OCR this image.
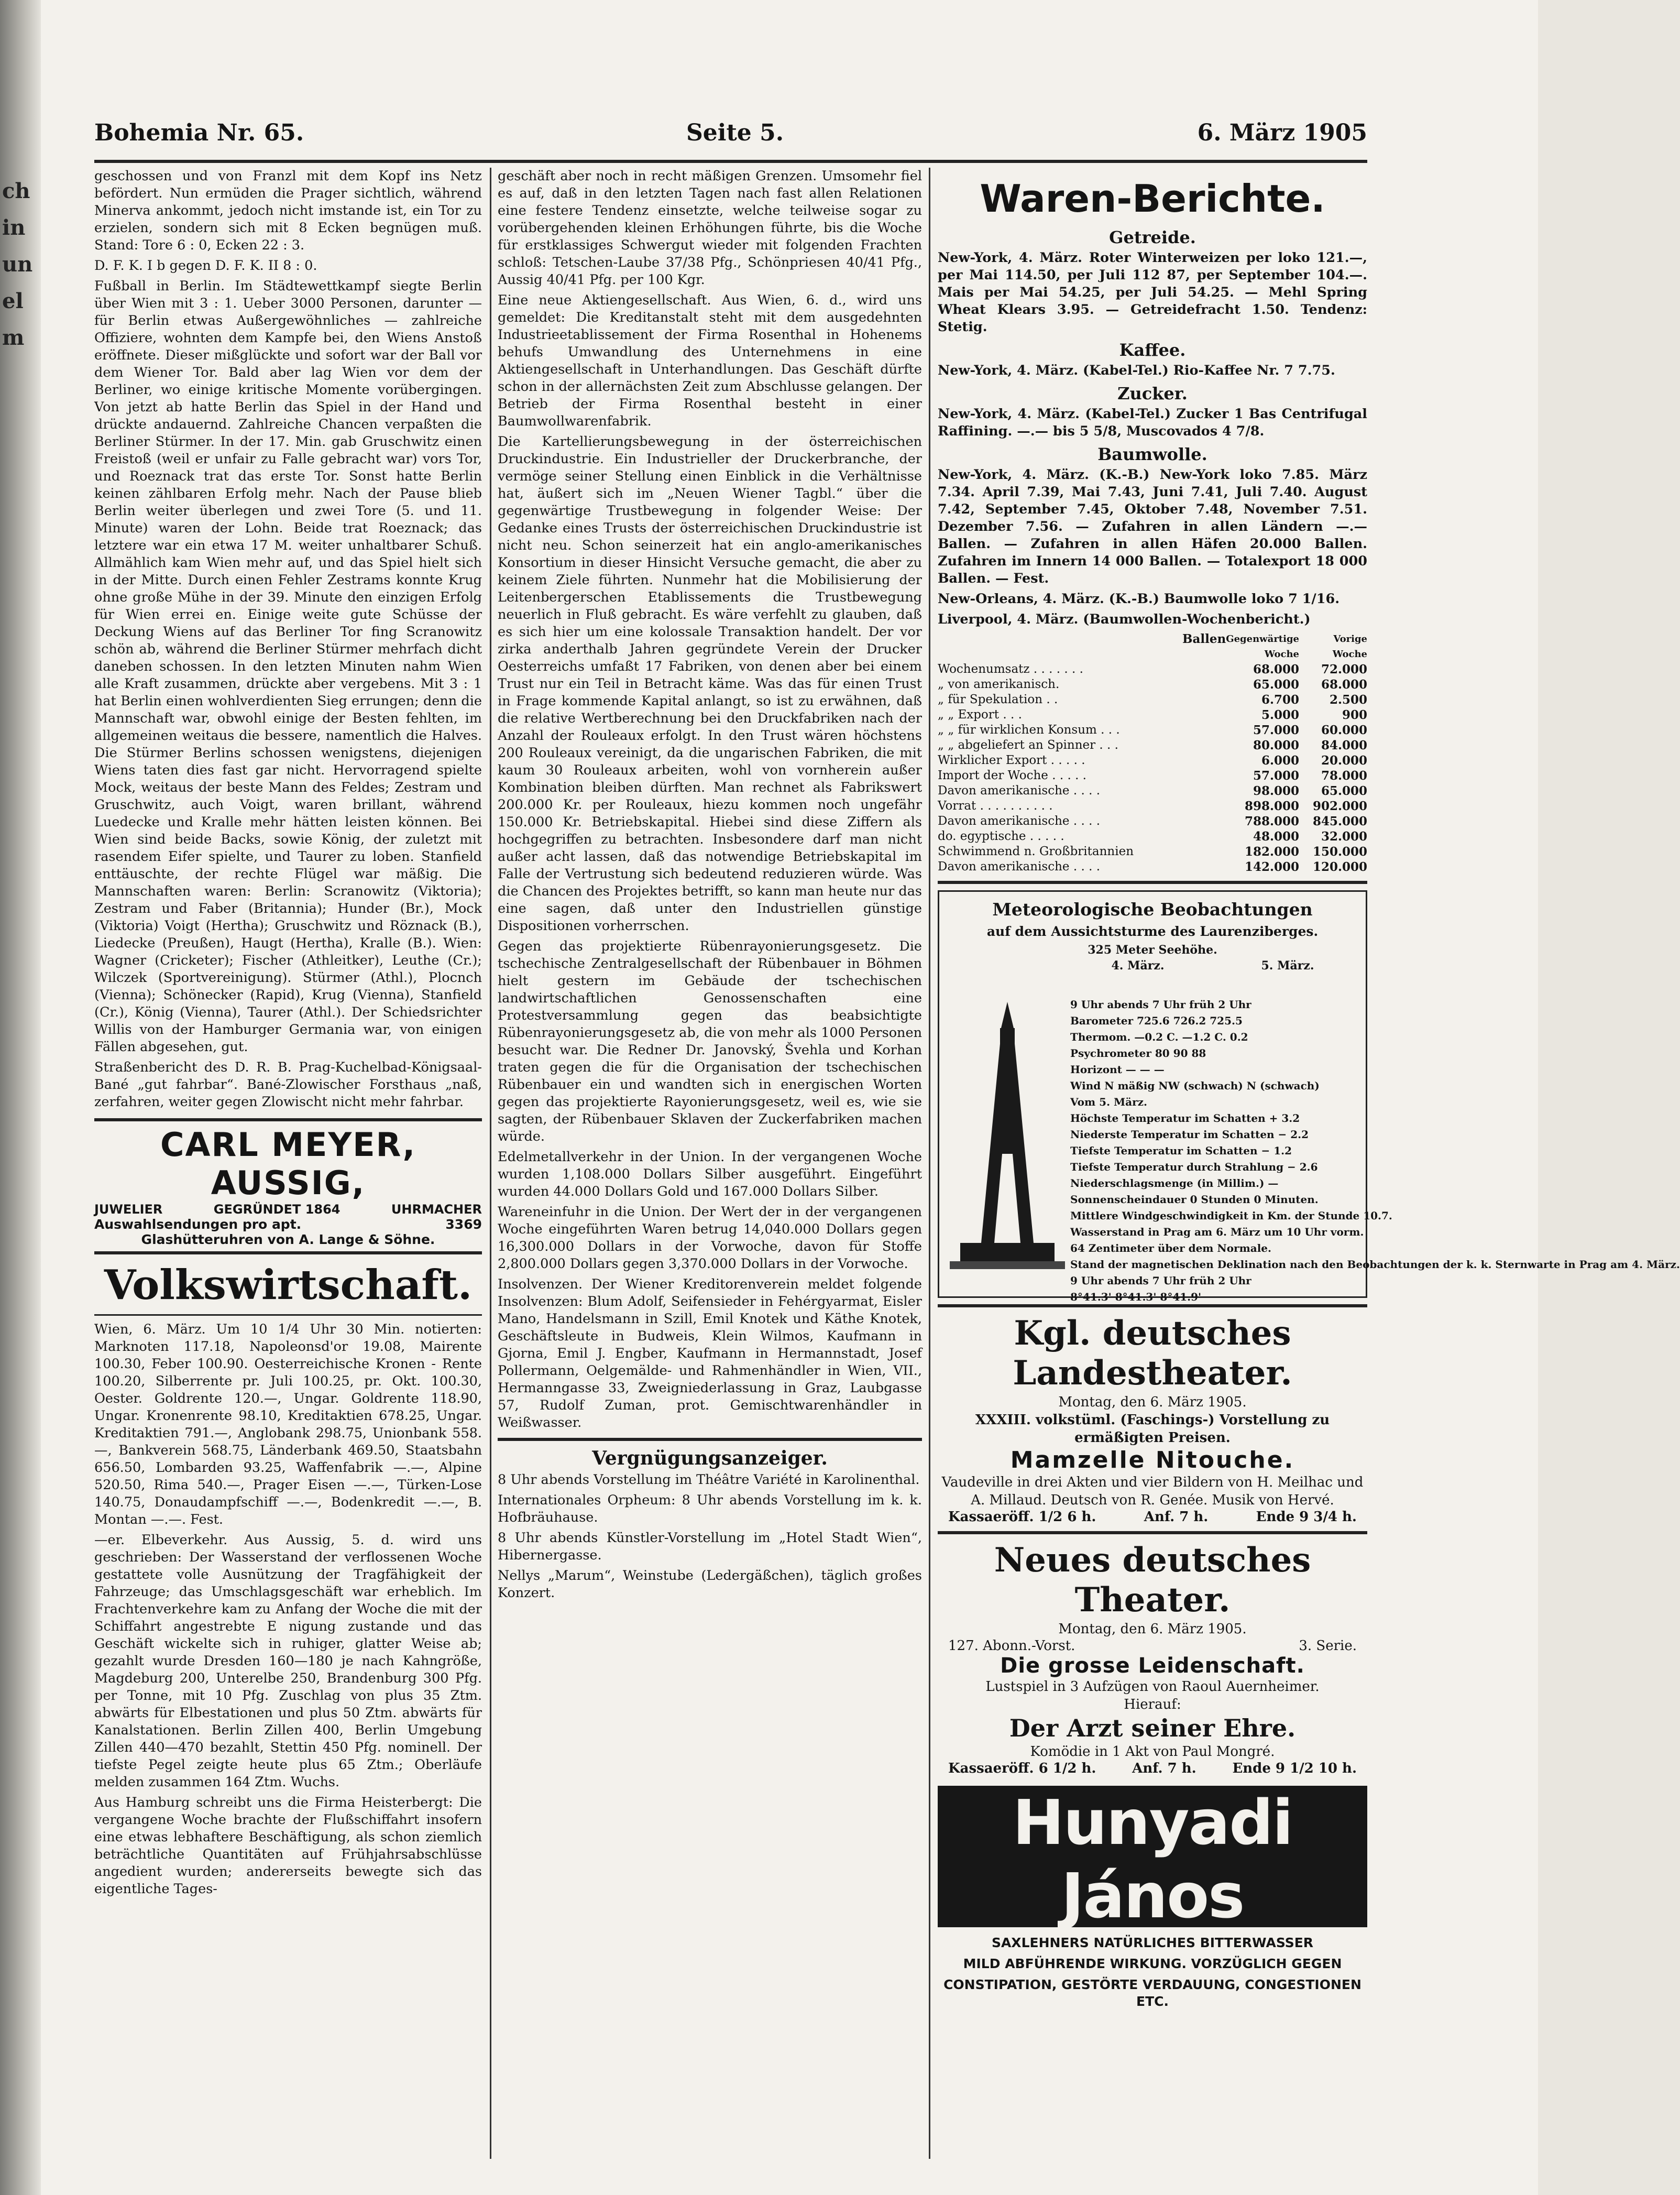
ch
in
un
el
m
Bohemia Nr. 65.	Seite 5.	6. März 1905

geschossen und von Franzl mit dem Kopf ins Netz befördert. Nun ermüden die Prager sichtlich, während Minerva ankommt, jedoch nicht imstande ist, ein Tor zu erzielen, sondern sich mit 8 Ecken begnügen muß. Stand: Tore 6 : 0, Ecken 22 : 3.

D. F. K. I b gegen D. F. K. II 8 : 0.

Fußball in Berlin. Im Städtewettkampf siegte Berlin über Wien mit 3 : 1. Ueber 3000 Personen, darunter — für Berlin etwas Außergewöhnliches — zahlreiche Offiziere, wohnten dem Kampfe bei, den Wiens Anstoß eröffnete. Dieser mißglückte und sofort war der Ball vor dem Wiener Tor. Bald aber lag Wien vor dem der Berliner, wo einige kritische Momente vorübergingen. Von jetzt ab hatte Berlin das Spiel in der Hand und drückte andauernd. Zahlreiche Chancen verpaßten die Berliner Stürmer. In der 17. Min. gab Gruschwitz einen Freistoß (weil er unfair zu Falle gebracht war) vors Tor, und Roeznack trat das erste Tor. Sonst hatte Berlin keinen zählbaren Erfolg mehr. Nach der Pause blieb Berlin weiter überlegen und zwei Tore (5. und 11. Minute) waren der Lohn. Beide trat Roeznack; das letztere war ein etwa 17 M. weiter unhaltbarer Schuß. Allmählich kam Wien mehr auf, und das Spiel hielt sich in der Mitte. Durch einen Fehler Zestrams konnte Krug ohne große Mühe in der 39. Minute den einzigen Erfolg für Wien errei en. Einige weite gute Schüsse der Deckung Wiens auf das Berliner Tor fing Scranowitz schön ab, während die Berliner Stürmer mehrfach dicht daneben schossen. In den letzten Minuten nahm Wien alle Kraft zusammen, drückte aber vergebens. Mit 3 : 1 hat Berlin einen wohlverdienten Sieg errungen; denn die Mannschaft war, obwohl einige der Besten fehlten, im allgemeinen weitaus die bessere, namentlich die Halves. Die Stürmer Berlins schossen wenigstens, diejenigen Wiens taten dies fast gar nicht. Hervorragend spielte Mock, weitaus der beste Mann des Feldes; Zestram und Gruschwitz, auch Voigt, waren brillant, während Luedecke und Kralle mehr hätten leisten können. Bei Wien sind beide Backs, sowie König, der zuletzt mit rasendem Eifer spielte, und Taurer zu loben. Stanfield enttäuschte, der rechte Flügel war mäßig. Die Mannschaften waren: Berlin: Scranowitz (Viktoria); Zestram und Faber (Britannia); Hunder (Br.), Mock (Viktoria) Voigt (Hertha); Gruschwitz und Röznack (B.), Liedecke (Preußen), Haugt (Hertha), Kralle (B.). Wien: Wagner (Cricketer); Fischer (Athleitker), Leuthe (Cr.); Wilczek (Sportvereinigung). Stürmer (Athl.), Plocnch (Vienna); Schönecker (Rapid), Krug (Vienna), Stanfield (Cr.), König (Vienna), Taurer (Athl.). Der Schiedsrichter Willis von der Hamburger Germania war, von einigen Fällen abgesehen, gut.

Straßenbericht des D. R. B. Prag-Kuchelbad-Königsaal-Bané „gut fahrbar“. Bané-Zlowischer Forsthaus „naß, zerfahren, weiter gegen Zlowischt nicht mehr fahrbar.

CARL MEYER, AUSSIG,
JUWELIER	GEGRÜNDET 1864	UHRMACHER
Auswahlsendungen pro apt.	3369
Glashütteruhren von A. Lange & Söhne.
Volkswirtschaft.

Wien, 6. März. Um 10 1/4 Uhr 30 Min. notierten: Marknoten 117.18, Napoleonsd'or 19.08, Mairente 100.30, Feber 100.90. Oesterreichische Kronen - Rente 100.20, Silberrente pr. Juli 100.25, pr. Okt. 100.30, Oester. Goldrente 120.—, Ungar. Goldrente 118.90, Ungar. Kronenrente 98.10, Kreditaktien 678.25, Ungar. Kreditaktien 791.—, Anglobank 298.75, Unionbank 558.—, Bankverein 568.75, Länderbank 469.50, Staatsbahn 656.50, Lombarden 93.25, Waffenfabrik —.—, Alpine 520.50, Rima 540.—, Prager Eisen —.—, Türken-Lose 140.75, Donaudampfschiff —.—, Bodenkredit —.—, B. Montan —.—. Fest.

—er. Elbeverkehr. Aus Aussig, 5. d. wird uns geschrieben: Der Wasserstand der verflossenen Woche gestattete volle Ausnützung der Tragfähigkeit der Fahrzeuge; das Umschlagsgeschäft war erheblich. Im Frachtenverkehre kam zu Anfang der Woche die mit der Schiffahrt angestrebte E nigung zustande und das Geschäft wickelte sich in ruhiger, glatter Weise ab; gezahlt wurde Dresden 160—180 je nach Kahngröße, Magdeburg 200, Unterelbe 250, Brandenburg 300 Pfg. per Tonne, mit 10 Pfg. Zuschlag von plus 35 Ztm. abwärts für Elbestationen und plus 50 Ztm. abwärts für Kanalstationen. Berlin Zillen 400, Berlin Umgebung Zillen 440—470 bezahlt, Stettin 450 Pfg. nominell. Der tiefste Pegel zeigte heute plus 65 Ztm.; Oberläufe melden zusammen 164 Ztm. Wuchs.

Aus Hamburg schreibt uns die Firma Heisterbergt: Die vergangene Woche brachte der Flußschiffahrt insofern eine etwas lebhaftere Beschäftigung, als schon ziemlich beträchtliche Quantitäten auf Frühjahrsabschlüsse angedient wurden; andererseits bewegte sich das eigentliche Tages-

geschäft aber noch in recht mäßigen Grenzen. Umsomehr fiel es auf, daß in den letzten Tagen nach fast allen Relationen eine festere Tendenz einsetzte, welche teilweise sogar zu vorübergehenden kleinen Erhöhungen führte, bis die Woche für erstklassiges Schwergut wieder mit folgenden Frachten schloß: Tetschen-Laube 37/38 Pfg., Schönpriesen 40/41 Pfg., Aussig 40/41 Pfg. per 100 Kgr.

Eine neue Aktiengesellschaft. Aus Wien, 6. d., wird uns gemeldet: Die Kreditanstalt steht mit dem ausgedehnten Industrieetablissement der Firma Rosenthal in Hohenems behufs Umwandlung des Unternehmens in eine Aktiengesellschaft in Unterhandlungen. Das Geschäft dürfte schon in der allernächsten Zeit zum Abschlusse gelangen. Der Betrieb der Firma Rosenthal besteht in einer Baumwollwarenfabrik.

Die Kartellierungsbewegung in der österreichischen Druckindustrie. Ein Industrieller der Druckerbranche, der vermöge seiner Stellung einen Einblick in die Verhältnisse hat, äußert sich im „Neuen Wiener Tagbl.“ über die gegenwärtige Trustbewegung in folgender Weise: Der Gedanke eines Trusts der österreichischen Druckindustrie ist nicht neu. Schon seinerzeit hat ein anglo-amerikanisches Konsortium in dieser Hinsicht Versuche gemacht, die aber zu keinem Ziele führten. Nunmehr hat die Mobilisierung der Leitenbergerschen Etablissements die Trustbewegung neuerlich in Fluß gebracht. Es wäre verfehlt zu glauben, daß es sich hier um eine kolossale Transaktion handelt. Der vor zirka anderthalb Jahren gegründete Verein der Drucker Oesterreichs umfaßt 17 Fabriken, von denen aber bei einem Trust nur ein Teil in Betracht käme. Was das für einen Trust in Frage kommende Kapital anlangt, so ist zu erwähnen, daß die relative Wertberechnung bei den Druckfabriken nach der Anzahl der Rouleaux erfolgt. In den Trust wären höchstens 200 Rouleaux vereinigt, da die ungarischen Fabriken, die mit kaum 30 Rouleaux arbeiten, wohl von vornherein außer Kombination bleiben dürften. Man rechnet als Fabrikswert 200.000 Kr. per Rouleaux, hiezu kommen noch ungefähr 150.000 Kr. Betriebskapital. Hiebei sind diese Ziffern als hochgegriffen zu betrachten. Insbesondere darf man nicht außer acht lassen, daß das notwendige Betriebskapital im Falle der Vertrustung sich bedeutend reduzieren würde. Was die Chancen des Projektes betrifft, so kann man heute nur das eine sagen, daß unter den Industriellen günstige Dispositionen vorherrschen.

Gegen das projektierte Rübenrayonierungsgesetz. Die tschechische Zentralgesellschaft der Rübenbauer in Böhmen hielt gestern im Gebäude der tschechischen landwirtschaftlichen Genossenschaften eine Protestversammlung gegen das beabsichtigte Rübenrayonierungsgesetz ab, die von mehr als 1000 Personen besucht war. Die Redner Dr. Janovský, Švehla und Korhan traten gegen die für die Organisation der tschechischen Rübenbauer ein und wandten sich in energischen Worten gegen das projektierte Rayonierungsgesetz, weil es, wie sie sagten, der Rübenbauer Sklaven der Zuckerfabriken machen würde.

Edelmetallverkehr in der Union. In der vergangenen Woche wurden 1,108.000 Dollars Silber ausgeführt. Eingeführt wurden 44.000 Dollars Gold und 167.000 Dollars Silber.

Wareneinfuhr in die Union. Der Wert der in der vergangenen Woche eingeführten Waren betrug 14,040.000 Dollars gegen 16,300.000 Dollars in der Vorwoche, davon für Stoffe 2,800.000 Dollars gegen 3,370.000 Dollars in der Vorwoche.

Insolvenzen. Der Wiener Kreditorenverein meldet folgende Insolvenzen: Blum Adolf, Seifensieder in Fehérgyarmat, Eisler Mano, Handelsmann in Szill, Emil Knotek und Käthe Knotek, Geschäftsleute in Budweis, Klein Wilmos, Kaufmann in Gjorna, Emil J. Engber, Kaufmann in Hermannstadt, Josef Pollermann, Oelgemälde- und Rahmenhändler in Wien, VII., Hermanngasse 33, Zweigniederlassung in Graz, Laubgasse 57, Rudolf Zuman, prot. Gemischtwarenhändler in Weißwasser.

Vergnügungsanzeiger.

8 Uhr abends Vorstellung im Théâtre Variété in Karolinenthal.

Internationales Orpheum: 8 Uhr abends Vorstellung im k. k. Hofbräuhause.

8 Uhr abends Künstler-Vorstellung im „Hotel Stadt Wien“, Hibernergasse.

Nellys „Marum“, Weinstube (Ledergäßchen), täglich großes Konzert.

Waren-Berichte.
Getreide.

New-York, 4. März. Roter Winterweizen per loko 121.—, per Mai 114.50, per Juli 112 87, per September 104.—. Mais per Mai 54.25, per Juli 54.25. — Mehl Spring Wheat Klears 3.95. — Getreidefracht 1.50. Tendenz: Stetig.

Kaffee.

New-York, 4. März. (Kabel-Tel.) Rio-Kaffee Nr. 7 7.75.

Zucker.

New-York, 4. März. (Kabel-Tel.) Zucker 1 Bas Centrifugal Raffining. —.— bis 5 5/8, Muscovados 4 7/8.

Baumwolle.

New-York, 4. März. (K.-B.) New-York loko 7.85. März 7.34. April 7.39, Mai 7.43, Juni 7.41, Juli 7.40. August 7.42, September 7.45, Oktober 7.48, November 7.51. Dezember 7.56. — Zufahren in allen Ländern —.— Ballen. — Zufahren in allen Häfen 20.000 Ballen. Zufahren im Innern 14 000 Ballen. — Totalexport 18 000 Ballen. — Fest.

New-Orleans, 4. März. (K.-B.) Baumwolle loko 7 1/16.

Liverpool, 4. März. (Baumwollen-Wochenbericht.)

Ballen	Gegenwärtige Woche	Vorige Woche
Wochenumsatz . . . . . . .	68.000	72.000
„ von amerikanisch.	65.000	68.000
„ für Spekulation . .	6.700	2.500
„ „ Export . . .	5.000	900
„ „ für wirklichen Konsum . . .	57.000	60.000
„ „ abgeliefert an Spinner . . .	80.000	84.000
Wirklicher Export . . . . .	6.000	20.000
Import der Woche . . . . .	57.000	78.000
Davon amerikanische . . . .	98.000	65.000
Vorrat . . . . . . . . . .	898.000	902.000
Davon amerikanische . . . .	788.000	845.000
do. egyptische . . . . .	48.000	32.000
Schwimmend n. Großbritannien	182.000	150.000
Davon amerikanische . . . .	142.000	120.000
Meteorologische Beobachtungen
auf dem Aussichtsturme des Laurenziberges.
325 Meter Seehöhe.
4. März.	5. März.
9 Uhr abends 7 Uhr früh 2 Uhr
Barometer 725.6 726.2 725.5
Thermom. —0.2 C. —1.2 C. 0.2
Psychrometer 80 90 88
Horizont — — —
Wind N mäßig NW (schwach) N (schwach)
Vom 5. März.
Höchste Temperatur im Schatten + 3.2
Niederste Temperatur im Schatten − 2.2
Tiefste Temperatur im Schatten − 1.2
Tiefste Temperatur durch Strahlung − 2.6
Niederschlagsmenge (in Millim.) —
Sonnenscheindauer 0 Stunden 0 Minuten.
Mittlere Windgeschwindigkeit in Km. der Stunde 10.7.
Wasserstand in Prag am 6. März um 10 Uhr vorm.
64 Zentimeter über dem Normale.
Stand der magnetischen Deklination nach den Beobachtungen der k. k. Sternwarte in Prag am 4. März.
9 Uhr abends 7 Uhr früh 2 Uhr
8°41.3' 8°41.3' 8°41.9'
Kgl. deutsches Landestheater.
Montag, den 6. März 1905.
XXXIII. volkstüml. (Faschings-) Vorstellung zu ermäßigten Preisen.
Mamzelle Nitouche.
Vaudeville in drei Akten und vier Bildern von H. Meilhac und A. Millaud. Deutsch von R. Genée. Musik von Hervé.
Kassaeröff. 1/2 6 h.	Anf. 7 h.	Ende 9 3/4 h.
Neues deutsches Theater.
Montag, den 6. März 1905.
127. Abonn.-Vorst.	3. Serie.
Die grosse Leidenschaft.
Lustspiel in 3 Aufzügen von Raoul Auernheimer.
Hierauf:
Der Arzt seiner Ehre.
Komödie in 1 Akt von Paul Mongré.
Kassaeröff. 6 1/2 h.	Anf. 7 h.	Ende 9 1/2 10 h.
Hunyadi János
SAXLEHNERS NATÜRLICHES BITTERWASSER
MILD ABFÜHRENDE WIRKUNG. VORZÜGLICH GEGEN
CONSTIPATION, GESTÖRTE VERDAUUNG, CONGESTIONEN ETC.
